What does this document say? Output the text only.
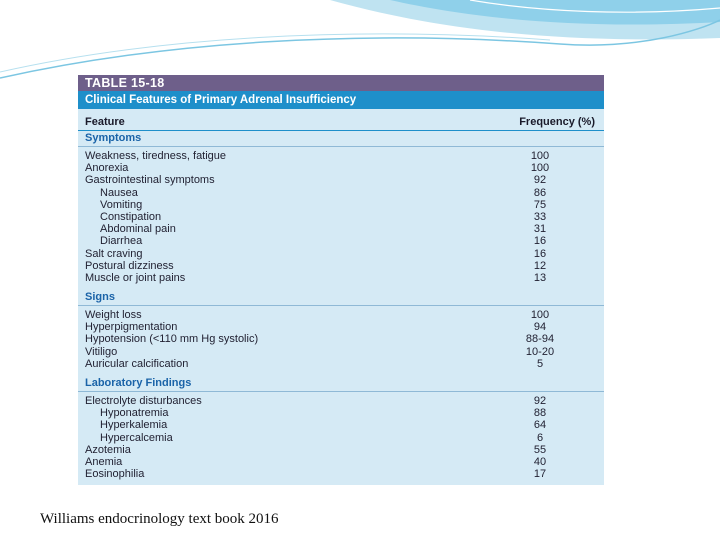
TABLE 15-18
Clinical Features of Primary Adrenal Insufficiency
Feature	Frequency (%)
Symptoms
Weakness, tiredness, fatigue	100
Anorexia	100
Gastrointestinal symptoms	92
Nausea	86
Vomiting	75
Constipation	33
Abdominal pain	31
Diarrhea	16
Salt craving	16
Postural dizziness	12
Muscle or joint pains	13
Signs
Weight loss	100
Hyperpigmentation	94
Hypotension (<110 mm Hg systolic)	88-94
Vitiligo	10-20
Auricular calcification	5
Laboratory Findings
Electrolyte disturbances	92
Hyponatremia	88
Hyperkalemia	64
Hypercalcemia	6
Azotemia	55
Anemia	40
Eosinophilia	17
Williams endocrinology text book 2016
